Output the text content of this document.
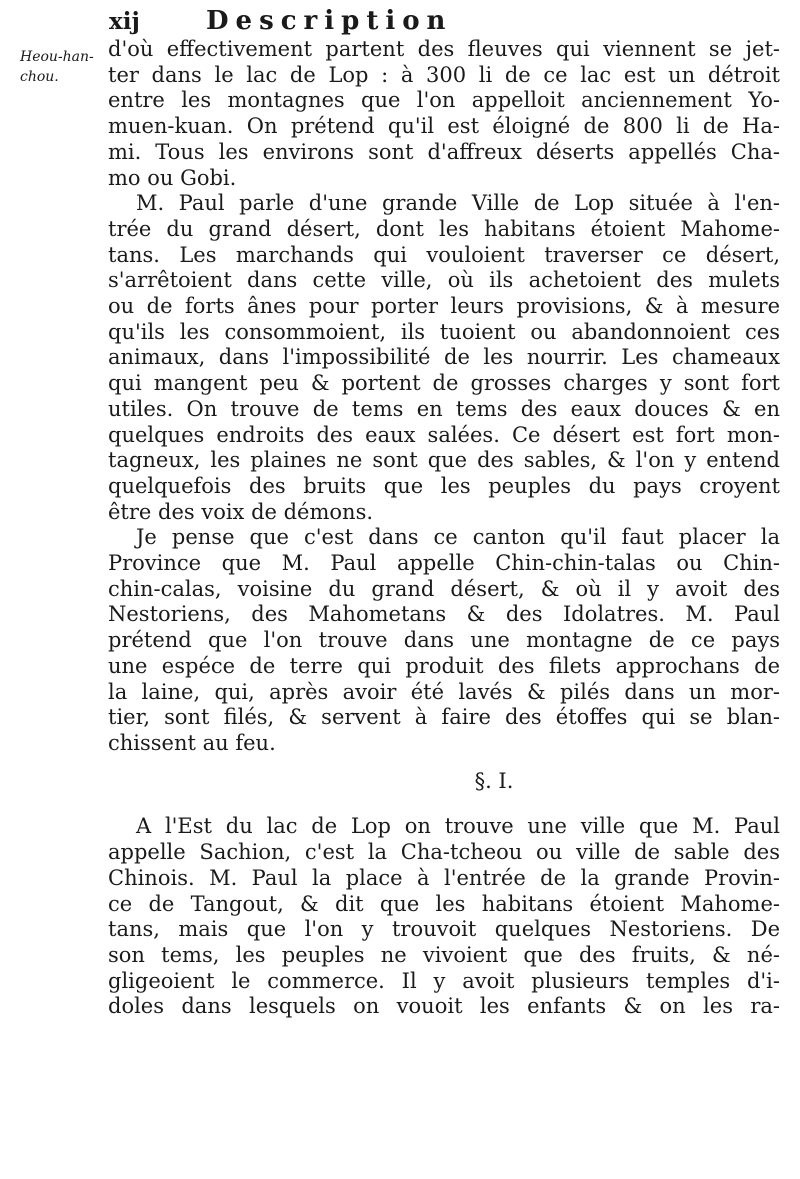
xij	Description
Heou-han-
chou.
d'où effectivement partent des fleuves qui viennent se jet-
ter dans le lac de Lop : à 300 li de ce lac est un détroit
entre les montagnes que l'on appelloit anciennement Yo-
muen-kuan. On prétend qu'il est éloigné de 800 li de Ha-
mi. Tous les environs sont d'affreux déserts appellés Cha-
mo ou Gobi.
M. Paul parle d'une grande Ville de Lop située à l'en-
trée du grand désert, dont les habitans étoient Mahome-
tans. Les marchands qui vouloient traverser ce désert,
s'arrêtoient dans cette ville, où ils achetoient des mulets
ou de forts ânes pour porter leurs provisions, & à mesure
qu'ils les consommoient, ils tuoient ou abandonnoient ces
animaux, dans l'impossibilité de les nourrir. Les chameaux
qui mangent peu & portent de grosses charges y sont fort
utiles. On trouve de tems en tems des eaux douces & en
quelques endroits des eaux salées. Ce désert est fort mon-
tagneux, les plaines ne sont que des sables, & l'on y entend
quelquefois des bruits que les peuples du pays croyent
être des voix de démons.
Je pense que c'est dans ce canton qu'il faut placer la
Province que M. Paul appelle Chin-chin-talas ou Chin-
chin-calas, voisine du grand désert, & où il y avoit des
Nestoriens, des Mahometans & des Idolatres. M. Paul
prétend que l'on trouve dans une montagne de ce pays
une espéce de terre qui produit des filets approchans de
la laine, qui, après avoir été lavés & pilés dans un mor-
tier, sont filés, & servent à faire des étoffes qui se blan-
chissent au feu.
§. I.
A l'Est du lac de Lop on trouve une ville que M. Paul
appelle Sachion, c'est la Cha-tcheou ou ville de sable des
Chinois. M. Paul la place à l'entrée de la grande Provin-
ce de Tangout, & dit que les habitans étoient Mahome-
tans, mais que l'on y trouvoit quelques Nestoriens. De
son tems, les peuples ne vivoient que des fruits, & né-
gligeoient le commerce. Il y avoit plusieurs temples d'i-
doles dans lesquels on vouoit les enfants & on les ra-
